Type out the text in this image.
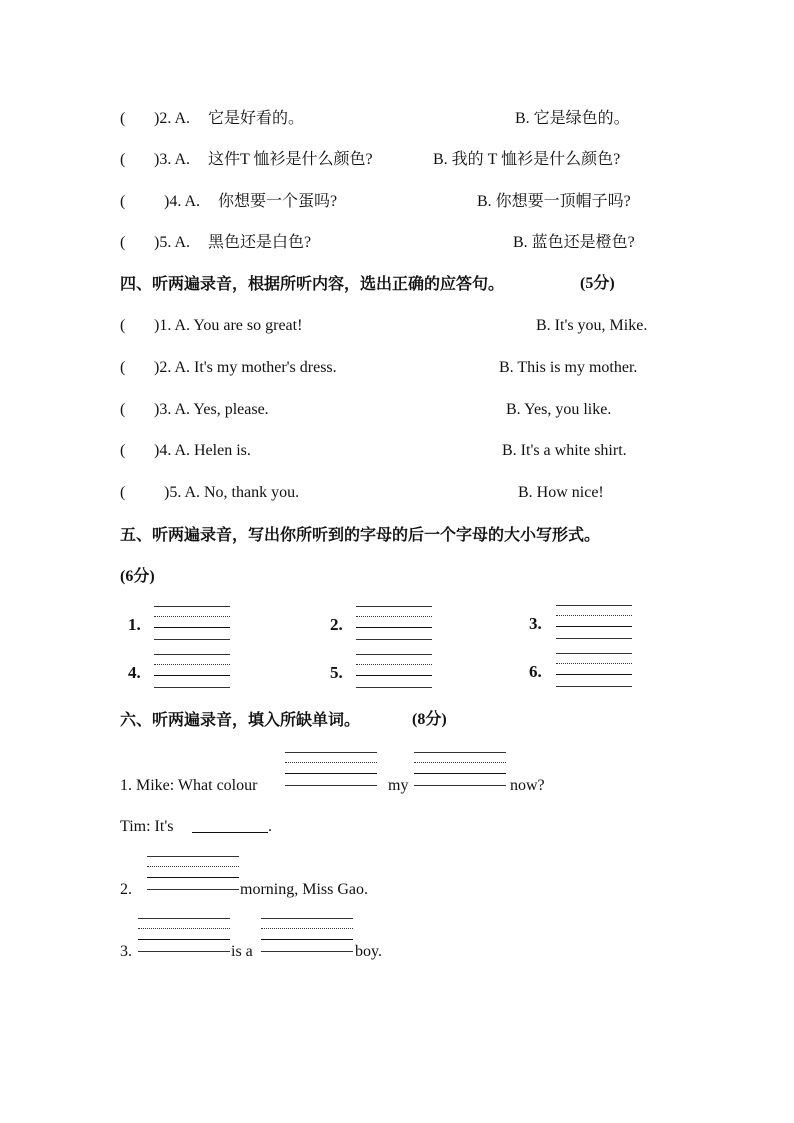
( )2. A. 它是好看的。	B. 它是绿色的。
( )3. A. 这件T 恤衫是什么颜色?	B. 我的 T 恤衫是什么颜色?
( )4. A. 你想要一个蛋吗?	B. 你想要一顶帽子吗?
( )5. A. 黑色还是白色?	B. 蓝色还是橙色?
四、听两遍录音，根据所听内容，选出正确的应答句。	(5分)
( )1. A. You are so great!	B. It's you, Mike.
( )2. A. It's my mother's dress.	B. This is my mother.
( )3. A. Yes, please.	B. Yes, you like.
( )4. A. Helen is.	B. It's a white shirt.
( )5. A. No, thank you.	B. How nice!
五、听两遍录音，写出你所听到的字母的后一个字母的大小写形式。
(6分)
1.	2.	3.
4.	5.	6.
六、听两遍录音，填入所缺单词。	(8分)
1. Mike: What colour	my	now?
Tim: It's	.
2.	morning, Miss Gao.
3.	is a	boy.
